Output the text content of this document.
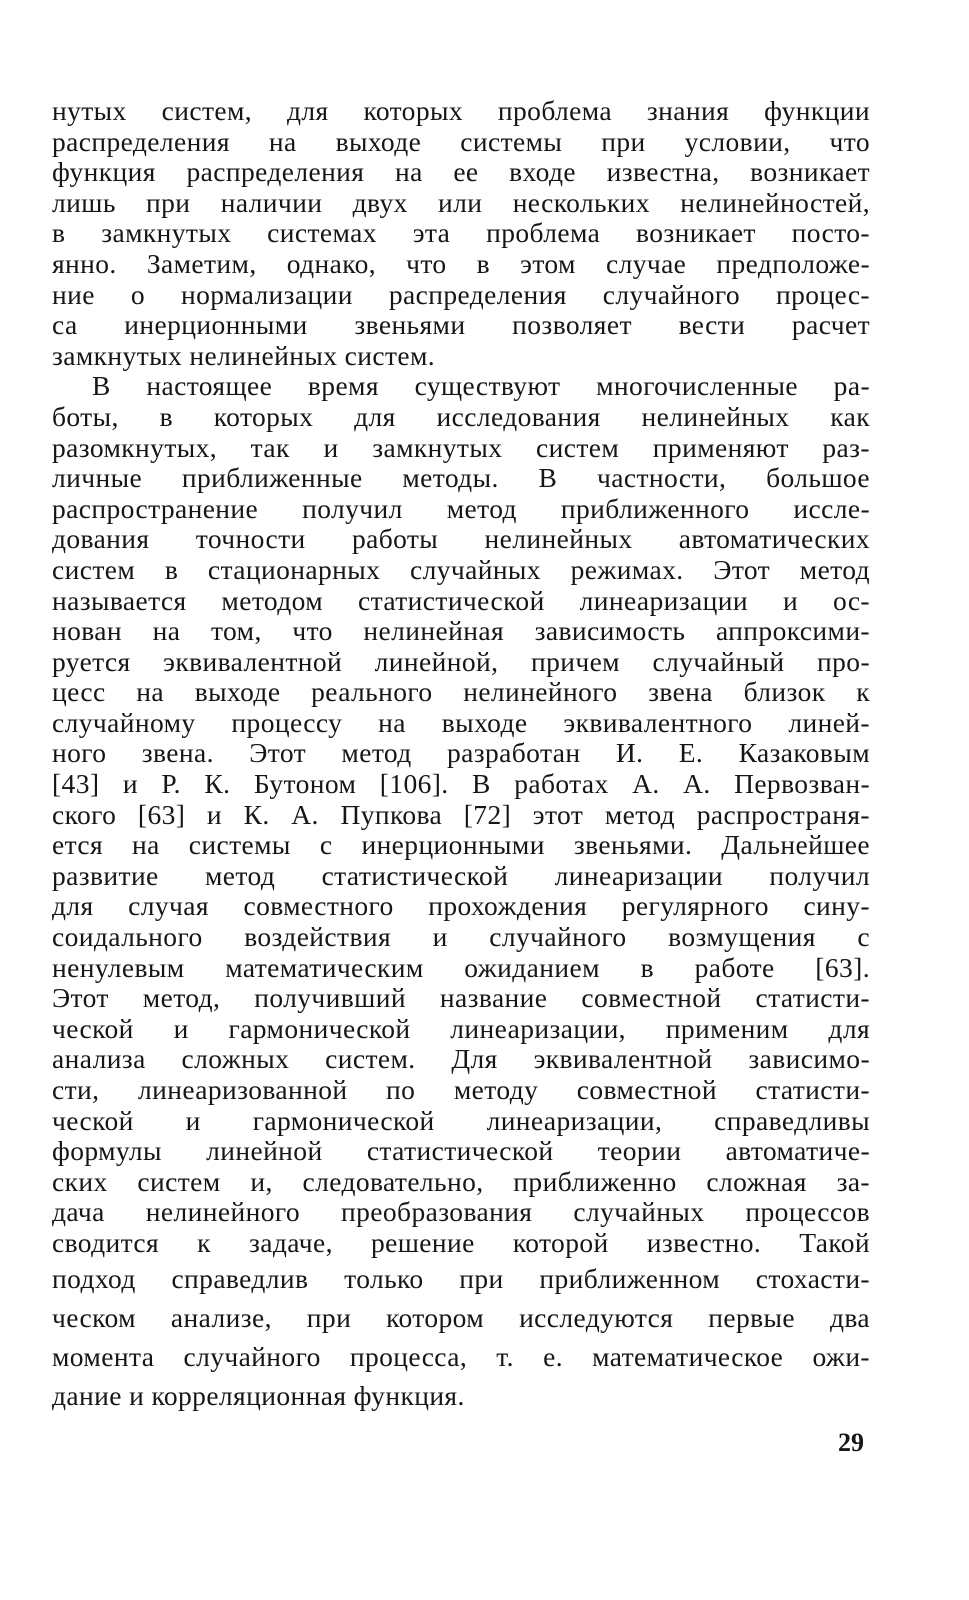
нутых систем, для которых проблема знания функции
распределения на выходе системы при условии, что
функция распределения на ее входе известна, возникает
лишь при наличии двух или нескольких нелинейностей,
в замкнутых системах эта проблема возникает посто-
янно. Заметим, однако, что в этом случае предположе-
ние о нормализации распределения случайного процес-
са инерционными звеньями позволяет вести расчет
замкнутых нелинейных систем.
В настоящее время существуют многочисленные ра-
боты, в которых для исследования нелинейных как
разомкнутых, так и замкнутых систем применяют раз-
личные приближенные методы. В частности, большое
распространение получил метод приближенного иссле-
дования точности работы нелинейных автоматических
систем в стационарных случайных режимах. Этот метод
называется методом статистической линеаризации и ос-
нован на том, что нелинейная зависимость аппроксими-
руется эквивалентной линейной, причем случайный про-
цесс на выходе реального нелинейного звена близок к
случайному процессу на выходе эквивалентного линей-
ного звена. Этот метод разработан И. Е. Казаковым
[43] и Р. К. Бутоном [106]. В работах А. А. Первозван-
ского [63] и К. А. Пупкова [72] этот метод распространя-
ется на системы с инерционными звеньями. Дальнейшее
развитие метод статистической линеаризации получил
для случая совместного прохождения регулярного сину-
соидального воздействия и случайного возмущения с
ненулевым математическим ожиданием в работе [63].
Этот метод, получивший название совместной статисти-
ческой и гармонической линеаризации, применим для
анализа сложных систем. Для эквивалентной зависимо-
сти, линеаризованной по методу совместной статисти-
ческой и гармонической линеаризации, справедливы
формулы линейной статистической теории автоматиче-
ских систем и, следовательно, приближенно сложная за-
дача нелинейного преобразования случайных процессов
сводится к задаче, решение которой известно. Такой
подход справедлив только при приближенном стохасти-
ческом анализе, при котором исследуются первые два
момента случайного процесса, т. е. математическое ожи-
дание и корреляционная функция.
29
